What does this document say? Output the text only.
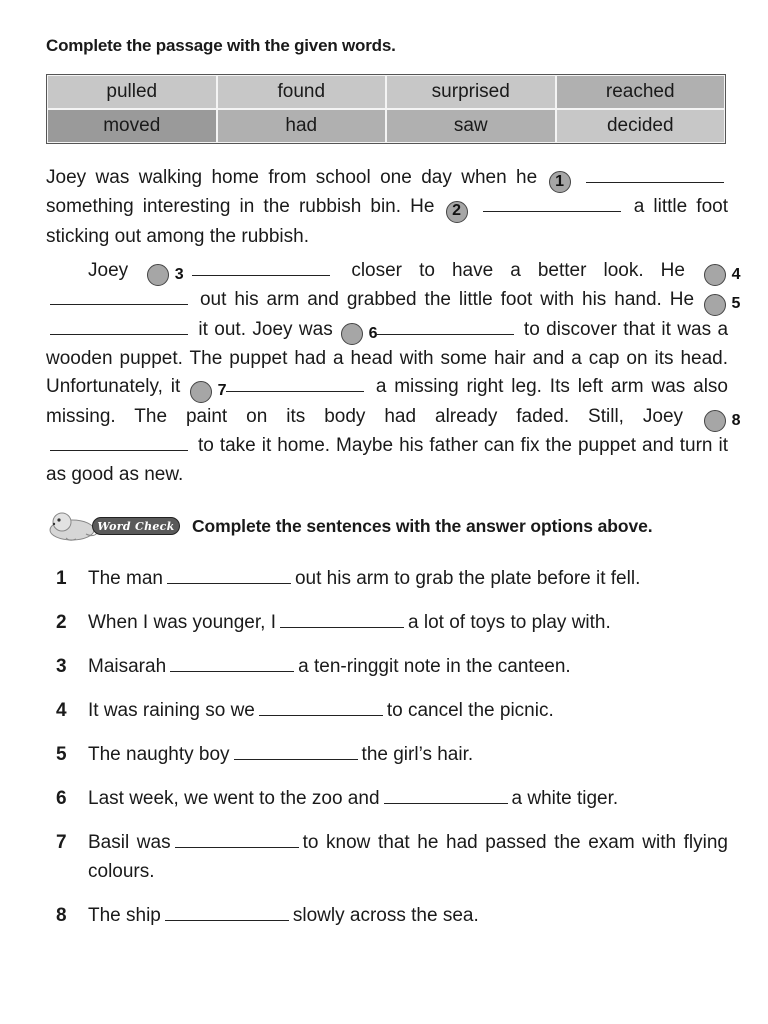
Complete the passage with the given words.
pulled	found	surprised	reached
moved	had	saw	decided

Joey was walking home from school one day when he 1  something interesting in the rubbish bin. He 2	a little foot sticking out among the rubbish.

Joey	3	closer to have a better look. He	4  out his arm and grabbed the little foot with his hand. He 5  it out. Joey was 6	to discover that it was a wooden puppet. The puppet had a head with some hair and a cap on its head. Unfortunately, it 7	a missing right leg. Its left arm was also missing. The paint on its body had already faded. Still, Joey	8  to take it home. Maybe his father can fix the puppet and turn it as good as new.

Word Check Complete the sentences with the answer options above.
1	The man	out his arm to grab the plate before it fell.
2	When I was younger, I	a lot of toys to play with.
3	Maisarah	a ten-ringgit note in the canteen.
4	It was raining so we	to cancel the picnic.
5	The naughty boy	the girl’s hair.
6	Last week, we went to the zoo and	a white tiger.
7	Basil was	to know that he had passed the exam with flying colours.
8	The ship	slowly across the sea.
